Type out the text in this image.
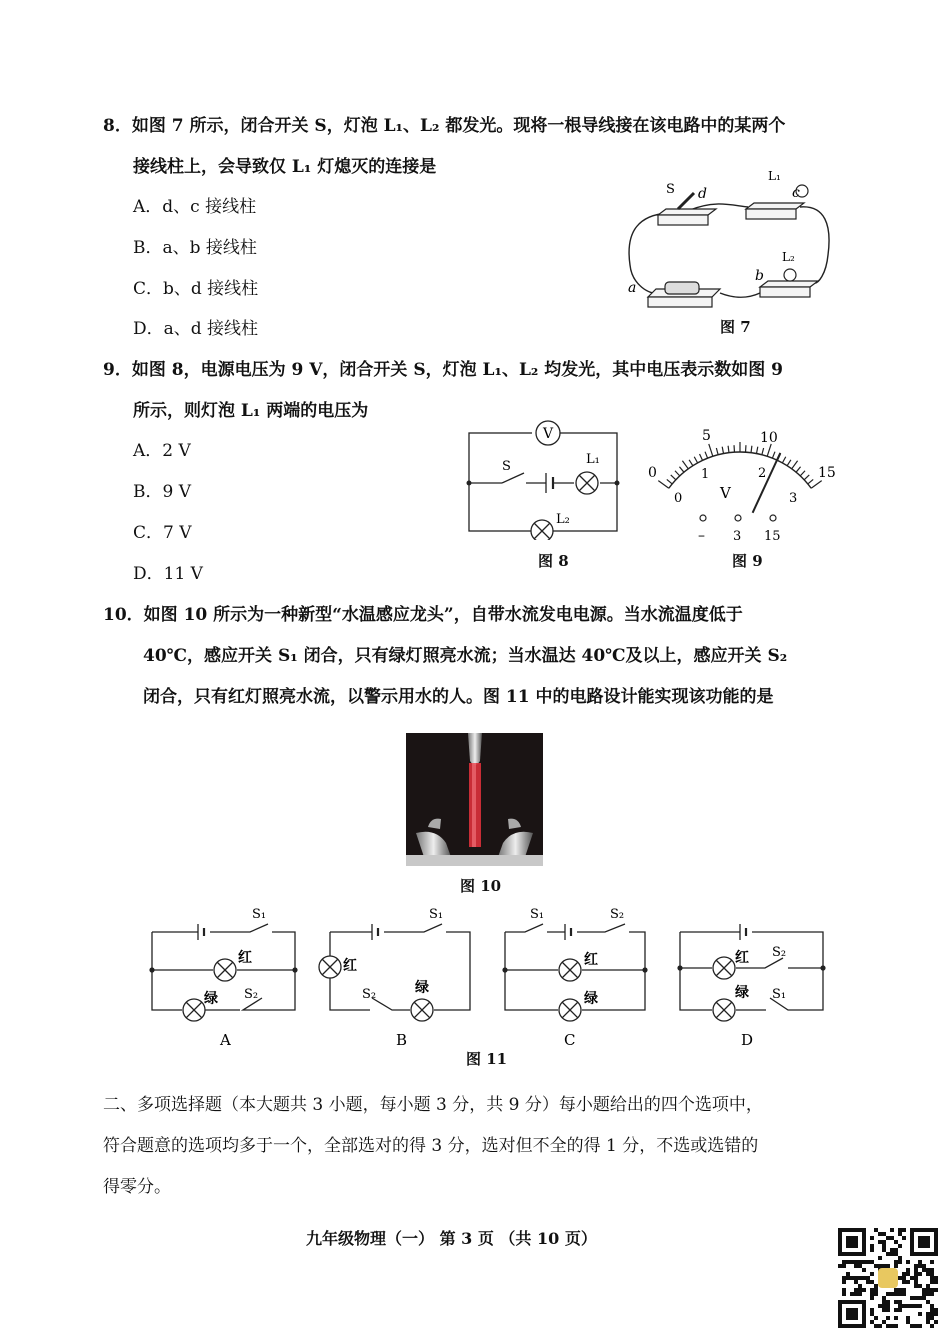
8．如图 7 所示，闭合开关 S，灯泡 L₁、L₂ 都发光。现将一根导线接在该电路中的某两个
接线柱上，会导致仅 L₁ 灯熄灭的连接是
A．d、c 接线柱
B．a、b 接线柱
C．b、d 接线柱
D．a、d 接线柱
S d
L₁
c
L₂
b
a
图 7
9．如图 8，电源电压为 9 V，闭合开关 S，灯泡 L₁、L₂ 均发光，其中电压表示数如图 9
所示，则灯泡 L₁ 两端的电压为
A．2 V
B．9 V
C．7 V
D．11 V
V
S	L₁
L₂
图 8
0
5	10
15
0
1	2
3
V
– 3 15
图 9
10．如图 10 所示为一种新型“水温感应龙头”，自带水流发电电源。当水流温度低于
40℃，感应开关 S₁ 闭合，只有绿灯照亮水流；当水温达 40℃及以上，感应开关 S₂
闭合，只有红灯照亮水流，以警示用水的人。图 11 中的电路设计能实现该功能的是
图 10
S₁
红
绿 S₂
A
S₁
红
绿
S₂
B
S₁	S₂
红
绿
C
红 S₂
绿 S₁
D
图 11
二、多项选择题（本大题共 3 小题，每小题 3 分，共 9 分）每小题给出的四个选项中，
符合题意的选项均多于一个，全部选对的得 3 分，选对但不全的得 1 分，不选或选错的
得零分。
九年级物理（一） 第 3 页 （共 10 页）
